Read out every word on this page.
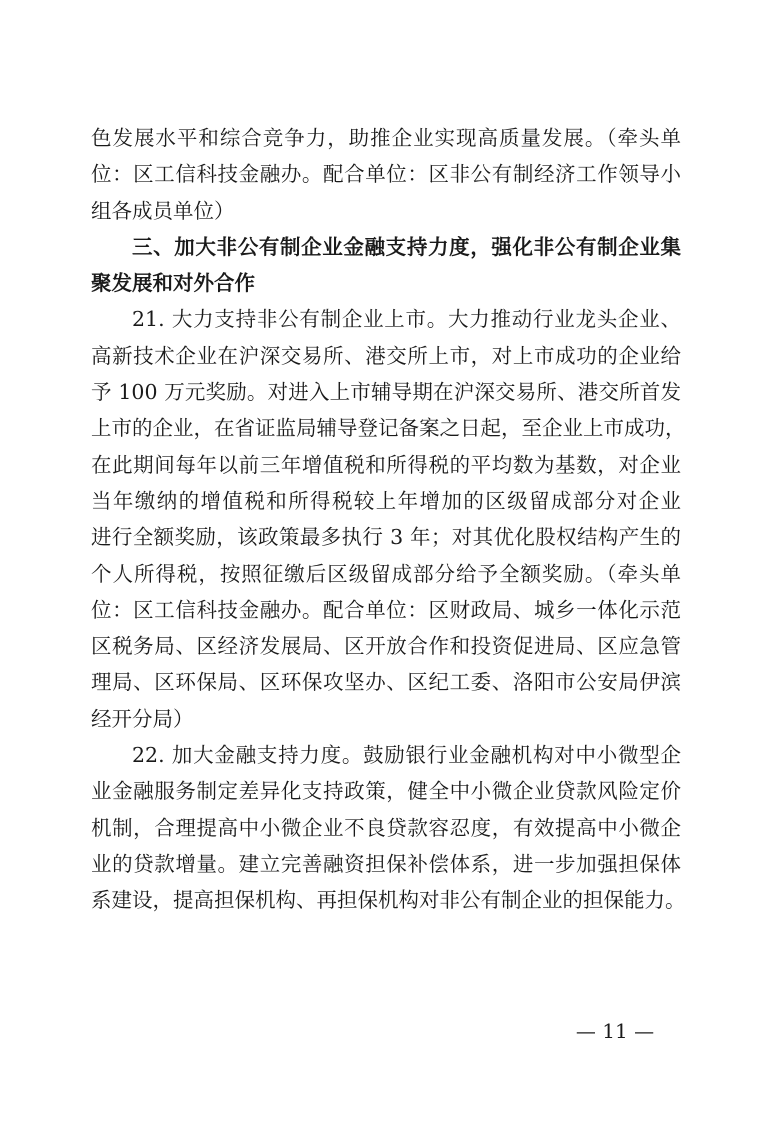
色发展水平和综合竞争力，助推企业实现高质量发展。（牵头单
位：区工信科技金融办。配合单位：区非公有制经济工作领导小
组各成员单位）
三、加大非公有制企业金融支持力度，强化非公有制企业集
聚发展和对外合作
21. 大力支持非公有制企业上市。大力推动行业龙头企业、
高新技术企业在沪深交易所、港交所上市，对上市成功的企业给
予 100 万元奖励。对进入上市辅导期在沪深交易所、港交所首发
上市的企业，在省证监局辅导登记备案之日起，至企业上市成功，
在此期间每年以前三年增值税和所得税的平均数为基数，对企业
当年缴纳的增值税和所得税较上年增加的区级留成部分对企业
进行全额奖励，该政策最多执行 3 年；对其优化股权结构产生的
个人所得税，按照征缴后区级留成部分给予全额奖励。（牵头单
位：区工信科技金融办。配合单位：区财政局、城乡一体化示范
区税务局、区经济发展局、区开放合作和投资促进局、区应急管
理局、区环保局、区环保攻坚办、区纪工委、洛阳市公安局伊滨
经开分局）
22. 加大金融支持力度。鼓励银行业金融机构对中小微型企
业金融服务制定差异化支持政策，健全中小微企业贷款风险定价
机制，合理提高中小微企业不良贷款容忍度，有效提高中小微企
业的贷款增量。建立完善融资担保补偿体系，进一步加强担保体
系建设，提高担保机构、再担保机构对非公有制企业的担保能力。
— 11 —
